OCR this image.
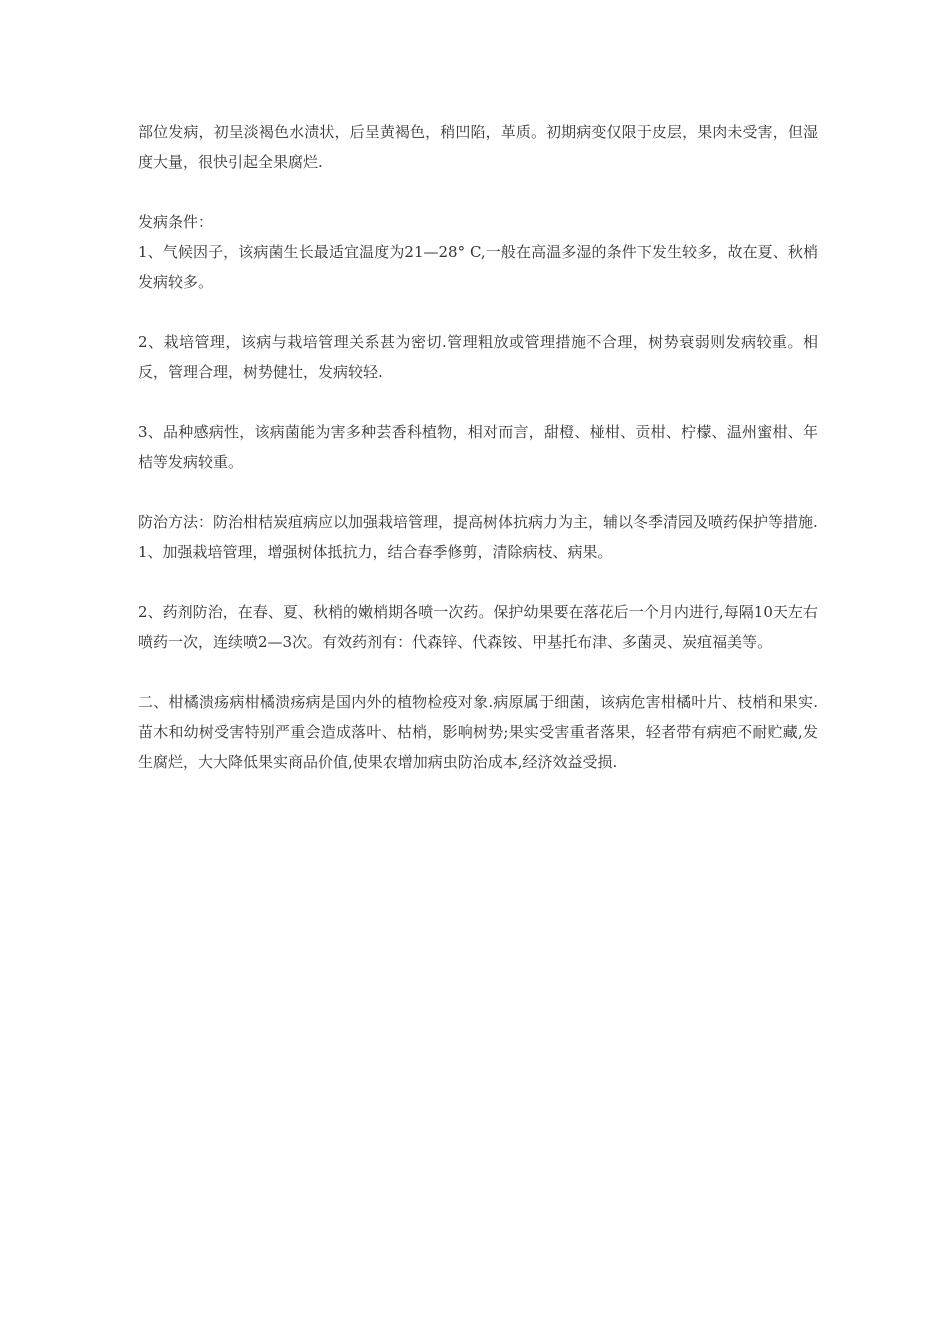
部位发病，初呈淡褐色水渍状，后呈黄褐色，稍凹陷，革质。初期病变仅限于皮层，果肉未受害，但湿度大量，很快引起全果腐烂.

发病条件：

1、气候因子，该病菌生长最适宜温度为21—28° C,一般在高温多湿的条件下发生较多，故在夏、秋梢发病较多。

2、栽培管理，该病与栽培管理关系甚为密切.管理粗放或管理措施不合理，树势衰弱则发病较重。相反，管理合理，树势健壮，发病较轻.

3、品种感病性，该病菌能为害多种芸香科植物，相对而言，甜橙、椪柑、贡柑、柠檬、温州蜜柑、年桔等发病较重。

防治方法：防治柑桔炭疽病应以加强栽培管理，提高树体抗病力为主，辅以冬季清园及喷药保护等措施.

1、加强栽培管理，增强树体抵抗力，结合春季修剪，清除病枝、病果。

2、药剂防治，在春、夏、秋梢的嫩梢期各喷一次药。保护幼果要在落花后一个月内进行,每隔10天左右喷药一次，连续喷2—3次。有效药剂有：代森锌、代森铵、甲基托布津、多菌灵、炭疽福美等。

二、柑橘溃疡病柑橘溃疡病是国内外的植物检疫对象.病原属于细菌，该病危害柑橘叶片、枝梢和果实.苗木和幼树受害特别严重会造成落叶、枯梢，影响树势;果实受害重者落果，轻者带有病疤不耐贮藏,发生腐烂，大大降低果实商品价值,使果农增加病虫防治成本,经济效益受损.
